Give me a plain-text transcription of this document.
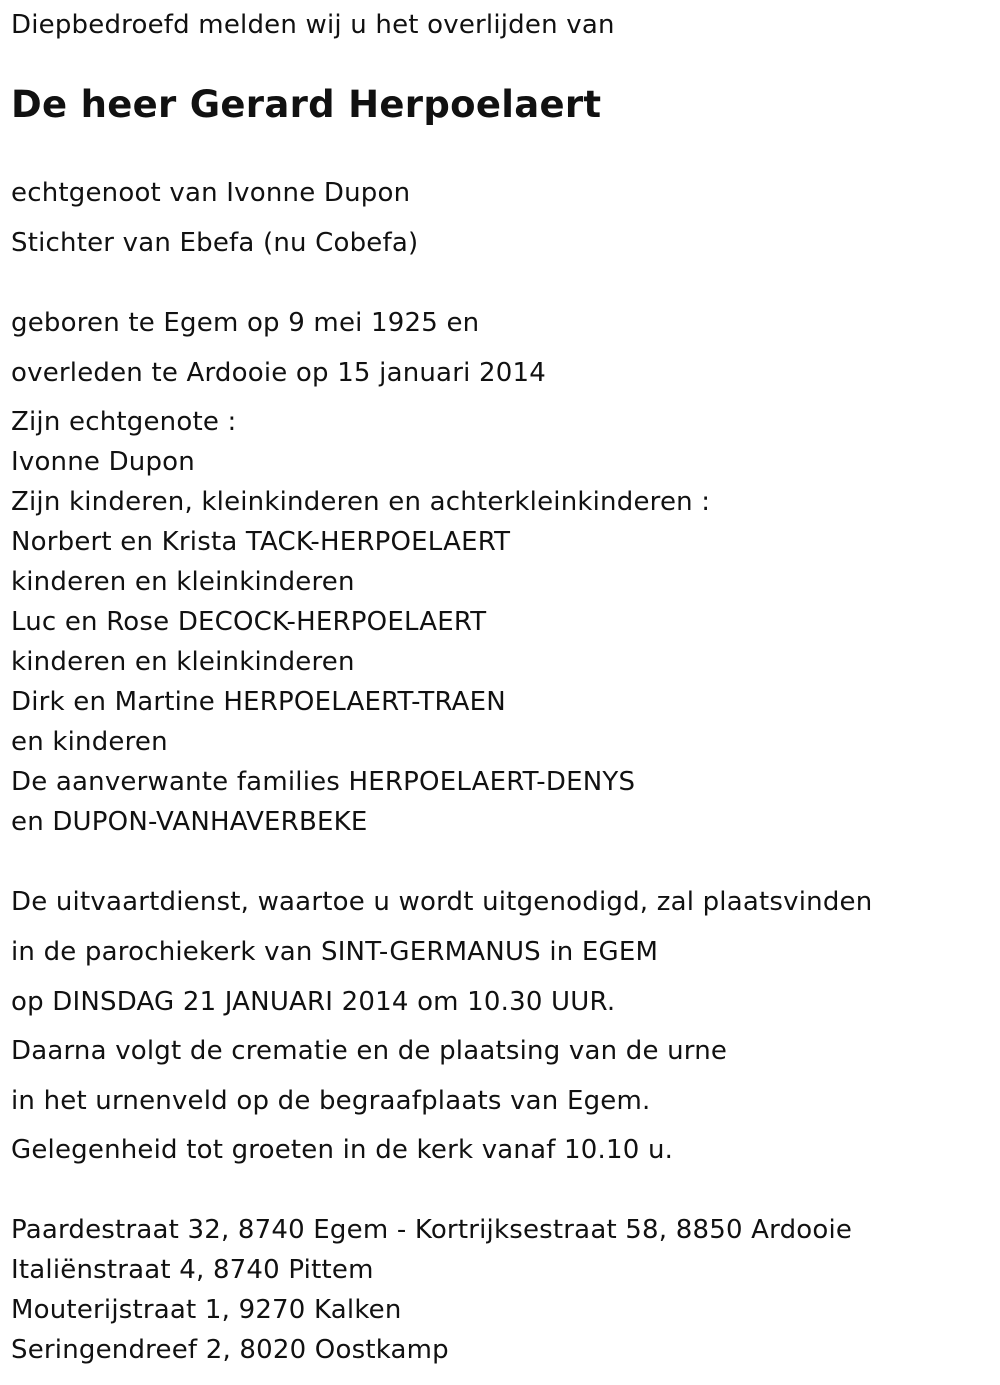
Diepbedroefd melden wij u het overlijden van
De heer Gerard Herpoelaert
echtgenoot van Ivonne Dupon
Stichter van Ebefa (nu Cobefa)
geboren te Egem op 9 mei 1925 en
overleden te Ardooie op 15 januari 2014
Zijn echtgenote :
Ivonne Dupon
Zijn kinderen, kleinkinderen en achterkleinkinderen :
Norbert en Krista TACK-HERPOELAERT
kinderen en kleinkinderen
Luc en Rose DECOCK-HERPOELAERT
kinderen en kleinkinderen
Dirk en Martine HERPOELAERT-TRAEN
en kinderen
De aanverwante families HERPOELAERT-DENYS
en DUPON-VANHAVERBEKE
De uitvaartdienst, waartoe u wordt uitgenodigd, zal plaatsvinden
in de parochiekerk van SINT-GERMANUS in EGEM
op DINSDAG 21 JANUARI 2014 om 10.30 UUR.
Daarna volgt de crematie en de plaatsing van de urne
in het urnenveld op de begraafplaats van Egem.
Gelegenheid tot groeten in de kerk vanaf 10.10 u.
Paardestraat 32, 8740 Egem - Kortrijksestraat 58, 8850 Ardooie
Italiënstraat 4, 8740 Pittem
Mouterijstraat 1, 9270 Kalken
Seringendreef 2, 8020 Oostkamp
